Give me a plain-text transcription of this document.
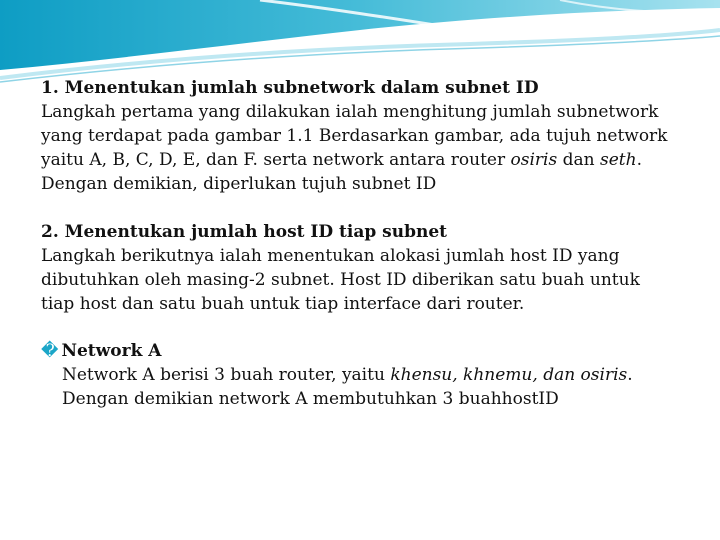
1. Menentukan jumlah subnetwork dalam subnet ID

Langkah pertama yang dilakukan ialah menghitung jumlah subnetwork

yang terdapat pada gambar 1.1 Berdasarkan gambar, ada tujuh network

yaitu A, B, C, D, E, dan F. serta network antara router osiris dan seth.

Dengan demikian, diperlukan tujuh subnet ID

2. Menentukan jumlah host ID tiap subnet

Langkah berikutnya ialah menentukan alokasi jumlah host ID yang

dibutuhkan oleh masing-2 subnet. Host ID diberikan satu buah untuk

tiap host dan satu buah untuk tiap interface dari router.

� Network A

Network A berisi 3 buah router, yaitu khensu, khnemu, dan osiris.

Dengan demikian network A membutuhkan 3 buahhostID
